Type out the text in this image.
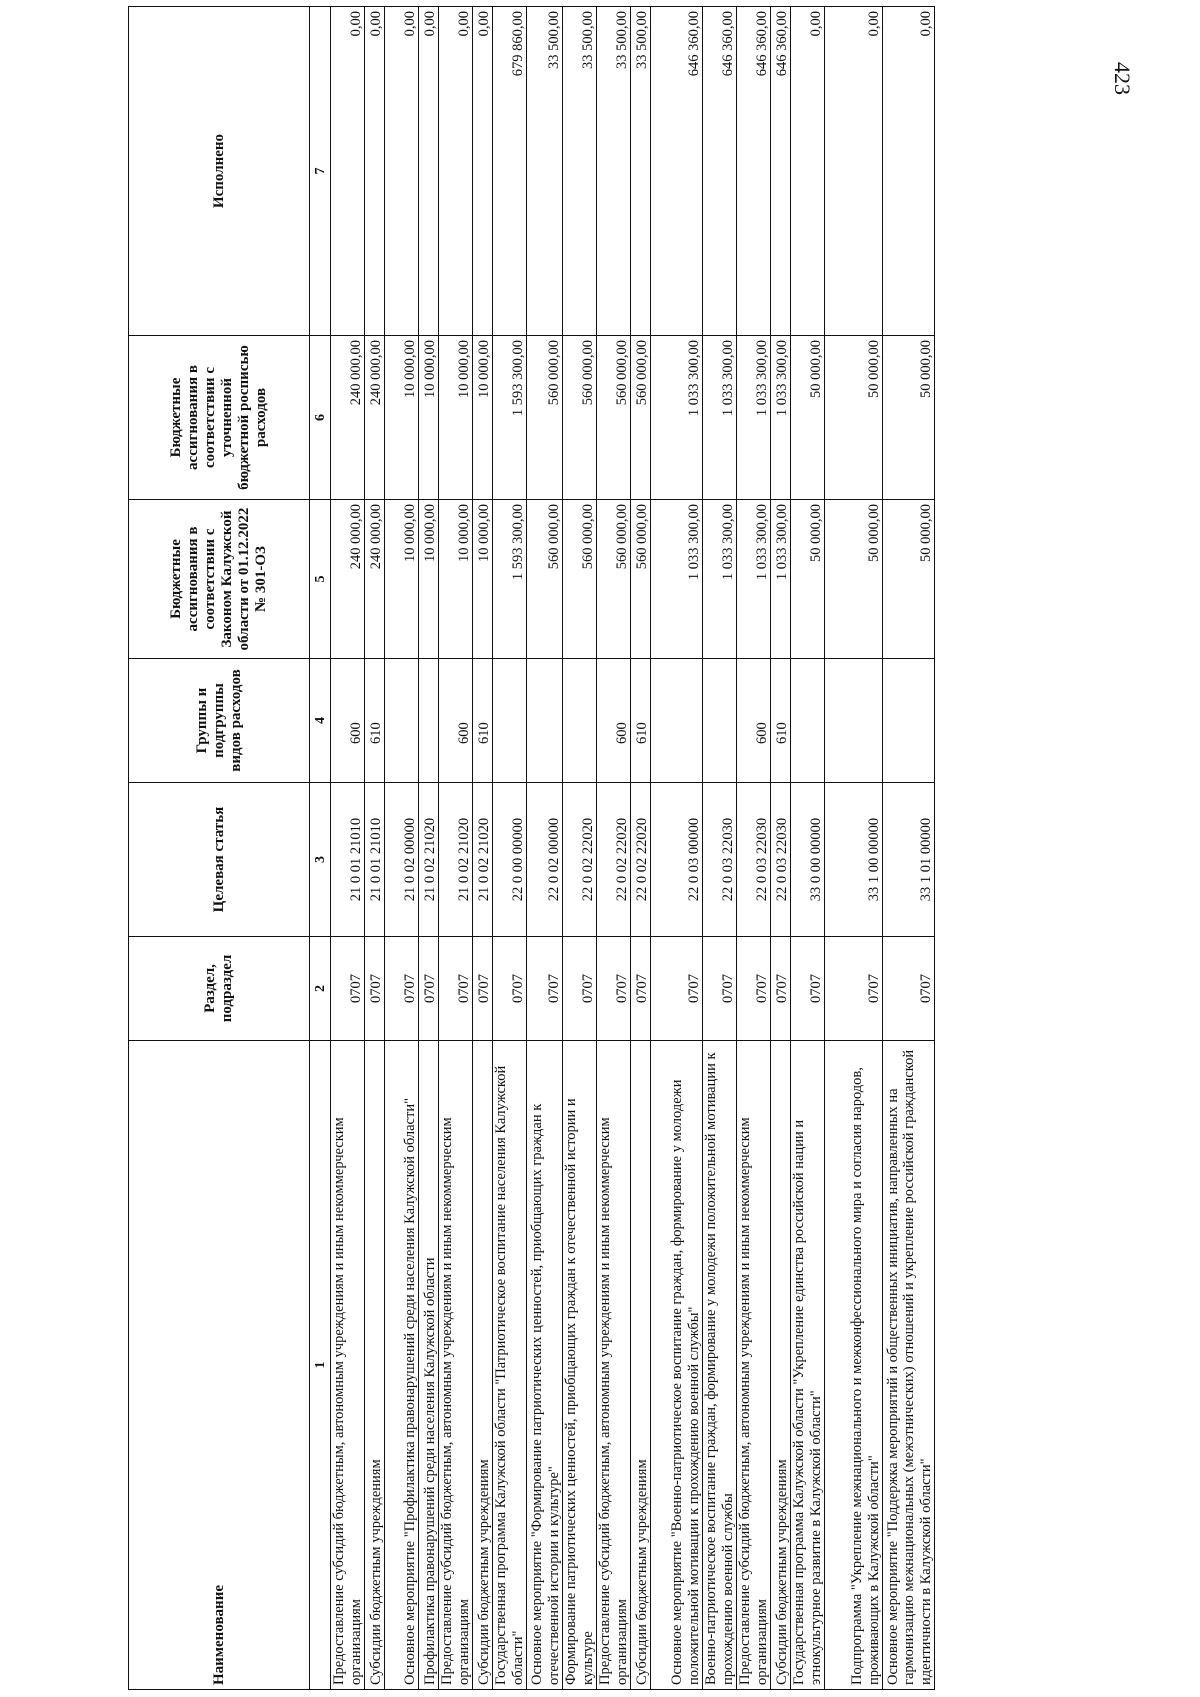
423
Наименование	Раздел, подраздел	Целевая статья	Группы и подгруппы видов расходов	Бюджетные ассигнования в соответствии с Законом Калужской области от 01.12.2022 № 301-ОЗ	Бюджетные ассигнования в соответствии с уточненной бюджетной росписью расходов	Исполнено
1	2	3	4	5	6	7
Предоставление субсидий бюджетным, автономным учреждениям и иным некоммерческим организациям	0707	21 0 01 21010	600	240 000,00	240 000,00	0,00
Субсидии бюджетным учреждениям	0707	21 0 01 21010	610	240 000,00	240 000,00	0,00
Основное мероприятие "Профилактика правонарушений среди населения Калужской области"	0707	21 0 02 00000		10 000,00	10 000,00	0,00
Профилактика правонарушений среди населения Калужской области	0707	21 0 02 21020		10 000,00	10 000,00	0,00
Предоставление субсидий бюджетным, автономным учреждениям и иным некоммерческим организациям	0707	21 0 02 21020	600	10 000,00	10 000,00	0,00
Субсидии бюджетным учреждениям	0707	21 0 02 21020	610	10 000,00	10 000,00	0,00
Государственная программа Калужской области "Патриотическое воспитание населения Калужской области"	0707	22 0 00 00000		1 593 300,00	1 593 300,00	679 860,00
Основное мероприятие "Формирование патриотических ценностей, приобщающих граждан к отечественной истории и культуре"	0707	22 0 02 00000		560 000,00	560 000,00	33 500,00
Формирование патриотических ценностей, приобщающих граждан к отечественной истории и культуре	0707	22 0 02 22020		560 000,00	560 000,00	33 500,00
Предоставление субсидий бюджетным, автономным учреждениям и иным некоммерческим организациям	0707	22 0 02 22020	600	560 000,00	560 000,00	33 500,00
Субсидии бюджетным учреждениям	0707	22 0 02 22020	610	560 000,00	560 000,00	33 500,00
Основное мероприятие "Военно-патриотическое воспитание граждан, формирование у молодежи положительной мотивации к прохождению военной службы"	0707	22 0 03 00000		1 033 300,00	1 033 300,00	646 360,00
Военно-патриотическое воспитание граждан, формирование у молодежи положительной мотивации к прохождению военной службы	0707	22 0 03 22030		1 033 300,00	1 033 300,00	646 360,00
Предоставление субсидий бюджетным, автономным учреждениям и иным некоммерческим организациям	0707	22 0 03 22030	600	1 033 300,00	1 033 300,00	646 360,00
Субсидии бюджетным учреждениям	0707	22 0 03 22030	610	1 033 300,00	1 033 300,00	646 360,00
Государственная программа Калужской области "Укрепление единства российской нации и этнокультурное развитие в Калужской области"	0707	33 0 00 00000		50 000,00	50 000,00	0,00
Подпрограмма "Укрепление межнационального и межконфессионального мира и согласия народов, проживающих в Калужской области"	0707	33 1 00 00000		50 000,00	50 000,00	0,00
Основное мероприятие "Поддержка мероприятий и общественных инициатив, направленных на гармонизацию межнациональных (межэтнических) отношений и укрепление российской гражданской идентичности в Калужской области"	0707	33 1 01 00000		50 000,00	50 000,00	0,00
